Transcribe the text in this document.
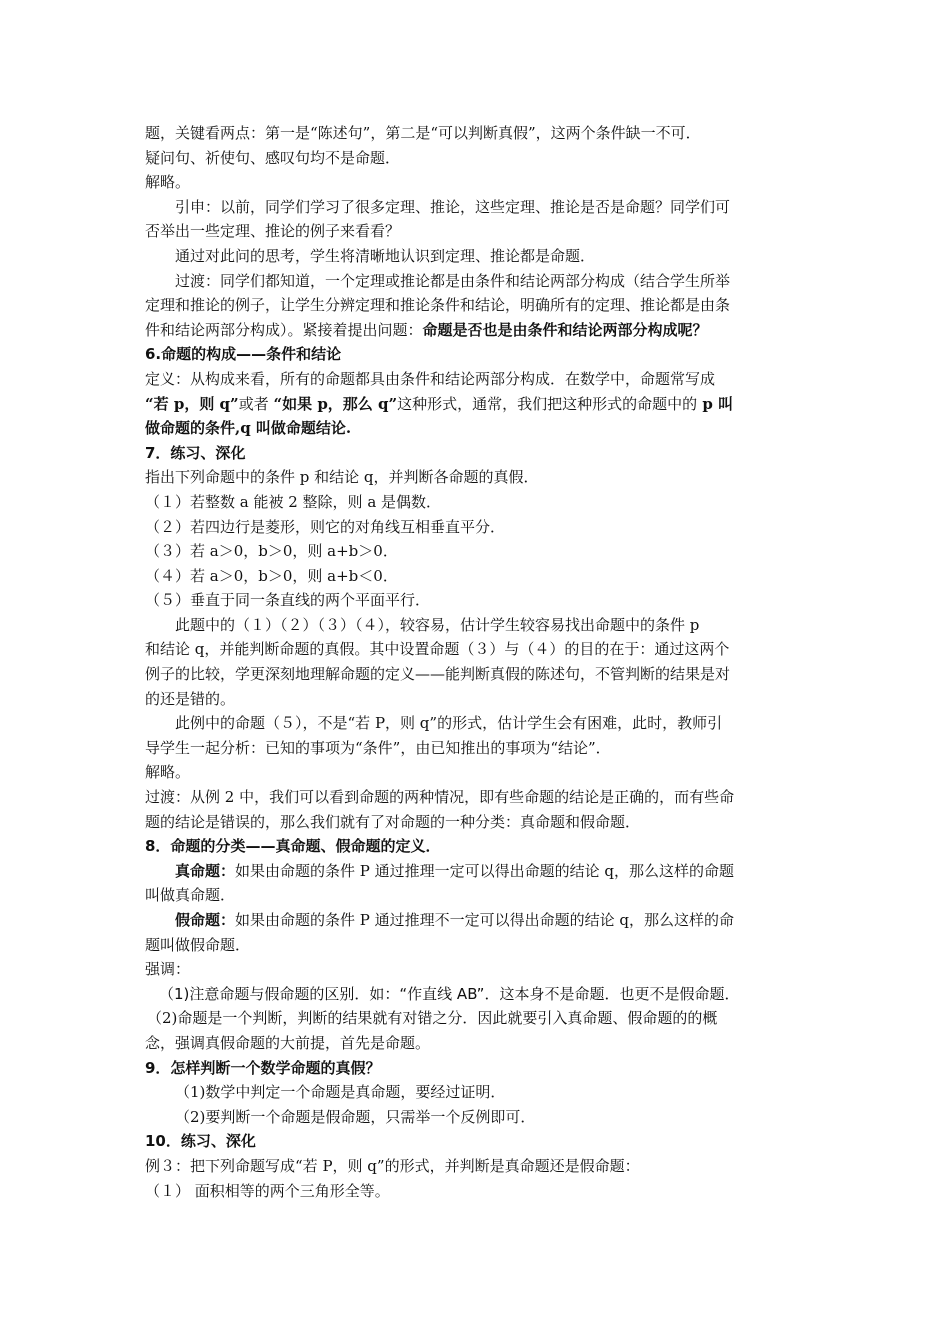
题，关键看两点：第一是“陈述句”，第二是“可以判断真假”，这两个条件缺一不可．
疑问句、祈使句、感叹句均不是命题．
解略。
引申：以前，同学们学习了很多定理、推论，这些定理、推论是否是命题？同学们可
否举出一些定理、推论的例子来看看？
通过对此问的思考，学生将清晰地认识到定理、推论都是命题．
过渡：同学们都知道，一个定理或推论都是由条件和结论两部分构成（结合学生所举
定理和推论的例子，让学生分辨定理和推论条件和结论，明确所有的定理、推论都是由条
件和结论两部分构成）。紧接着提出问题：命题是否也是由条件和结论两部分构成呢？
6.命题的构成——条件和结论
定义：从构成来看，所有的命题都具由条件和结论两部分构成．在数学中，命题常写成
“若 p，则 q”或者 “如果 p，那么 q”这种形式，通常，我们把这种形式的命题中的 p 叫
做命题的条件,q 叫做命题结论.
7．练习、深化
指出下列命题中的条件 p 和结论 q，并判断各命题的真假．
（１）若整数 a 能被 2 整除，则 a 是偶数．
（２）若四边行是菱形，则它的对角线互相垂直平分．
（３）若 a＞0，b＞0，则 a+b＞0．
（４）若 a＞0，b＞0，则 a+b＜0．
（５）垂直于同一条直线的两个平面平行．
此题中的（１）（２）（３）（４），较容易，估计学生较容易找出命题中的条件 p
和结论 q，并能判断命题的真假。其中设置命题（３）与（４）的目的在于：通过这两个
例子的比较，学更深刻地理解命题的定义——能判断真假的陈述句，不管判断的结果是对
的还是错的。
此例中的命题（５），不是“若 P，则 q”的形式，估计学生会有困难，此时，教师引
导学生一起分析：已知的事项为“条件”，由已知推出的事项为“结论”．
解略。
过渡：从例 2 中，我们可以看到命题的两种情况，即有些命题的结论是正确的，而有些命
题的结论是错误的，那么我们就有了对命题的一种分类：真命题和假命题．
8．命题的分类——真命题、假命题的定义．
真命题：如果由命题的条件 P 通过推理一定可以得出命题的结论 q，那么这样的命题
叫做真命题．
假命题：如果由命题的条件 P 通过推理不一定可以得出命题的结论 q，那么这样的命
题叫做假命题．
强调：
（1)注意命题与假命题的区别．如：“作直线 AB”．这本身不是命题．也更不是假命题．
（2)命题是一个判断，判断的结果就有对错之分．因此就要引入真命题、假命题的的概
念，强调真假命题的大前提，首先是命题。
9．怎样判断一个数学命题的真假？
（1)数学中判定一个命题是真命题，要经过证明．
（2)要判断一个命题是假命题，只需举一个反例即可．
10．练习、深化
例３：把下列命题写成“若 P，则 q”的形式，并判断是真命题还是假命题：
（１） 面积相等的两个三角形全等。
